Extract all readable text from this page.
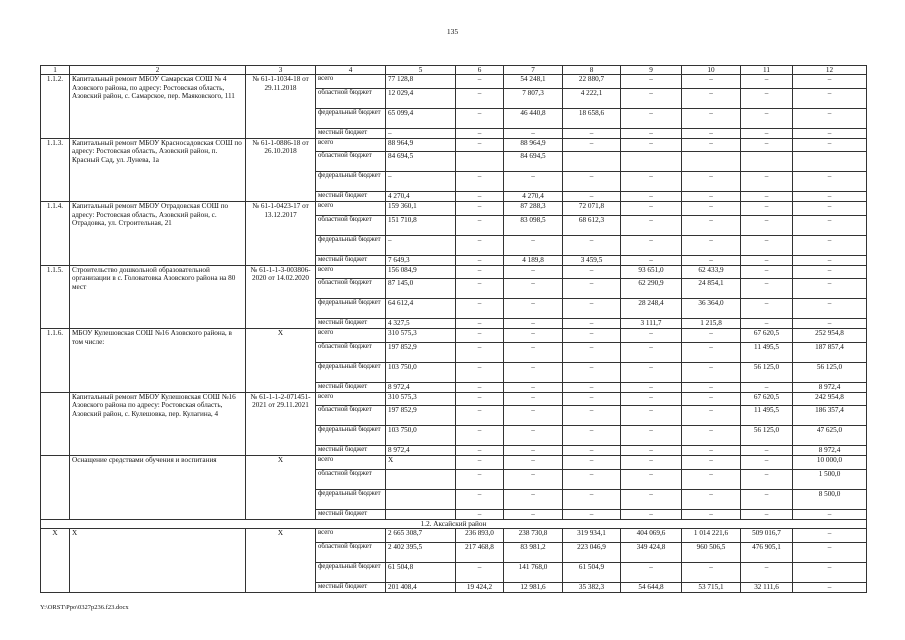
135
1	2	3	4	5	6	7	8	9	10	11	12
1.1.2.	Капитальный ремонт МБОУ Самарская СОШ № 4 Азовского района, по адресу: Ростовская область, Азовский район, с. Самарское, пер. Маяковского, 111	№ 61-1-1034-18 от 29.11.2018	всего	77 128,8	–	54 248,1	22 880,7	–	–	–	–
			областной бюджет	12 029,4	–	7 807,3	4 222,1	–	–	–	–
			федеральный бюджет	65 099,4	–	46 440,8	18 658,6	–	–	–	–
			местный бюджет	–	–	–	–	–	–	–	–
1.1.3.	Капитальный ремонт МБОУ Красносадовская СОШ по адресу: Ростовская область, Азовский район, п. Красный Сад, ул. Лунева, 1а	№ 61-1-0886-18 от 26.10.2018	всего	88 964,9	–	88 964,9	–	–	–	–	–
			областной бюджет	84 694,5		84 694,5					
			федеральный бюджет	–	–	–	–	–	–	–	–
			местный бюджет	4 270,4	–	4 270,4	–	–	–	–	–
1.1.4.	Капитальный ремонт МБОУ Отрадовская СОШ по адресу: Ростовская область, Азовский район, с. Отрадовка, ул. Строительная, 21	№ 61-1-0423-17 от 13.12.2017	всего	159 360,1	–	87 288,3	72 071,8	–	–	–	–
			областной бюджет	151 710,8	–	83 098,5	68 612,3	–	–	–	–
			федеральный бюджет	–	–	–	–	–	–	–	–
			местный бюджет	7 649,3	–	4 189,8	3 459,5	–	–	–	–
1.1.5.	Строительство дошкольной образовательной организации в с. Головатовка Азовского района на 80 мест	№ 61-1-1-3-003806-2020 от 14.02.2020	всего	156 084,9	–	–	–	93 651,0	62 433,9	–	–
			областной бюджет	87 145,0	–	–	–	62 290,9	24 854,1	–	–
			федеральный бюджет	64 612,4	–	–	–	28 248,4	36 364,0	–	–
			местный бюджет	4 327,5	–	–	–	3 111,7	1 215,8	–	–
1.1.6.	МБОУ Кулешовская СОШ №16 Азовского района, в том числе:	Х	всего	310 575,3	–	–	–	–	–	67 620,5	252 954,8
			областной бюджет	197 852,9	–	–	–	–	–	11 495,5	187 857,4
			федеральный бюджет	103 750,0	–	–	–	–	–	56 125,0	56 125,0
			местный бюджет	8 972,4	–	–	–	–	–	–	8 972,4
	Капитальный ремонт МБОУ Кулешовская СОШ №16 Азовского района по адресу: Ростовская область, Азовский район, с. Кулешовка, пер. Кулагина, 4	№ 61-1-1-2-071451-2021 от 29.11.2021	всего	310 575,3	–	–	–	–	–	67 620,5	242 954,8
			областной бюджет	197 852,9	–	–	–	–	–	11 495,5	186 357,4
			федеральный бюджет	103 750,0	–	–	–	–	–	56 125,0	47 625,0
			местный бюджет	8 972,4	–	–	–	–	–	–	8 972,4
	Оснащение средствами обучения и воспитания	Х	всего	Х	–	–	–	–	–	–	10 000,0
			областной бюджет		–	–	–	–	–	–	1 500,0
			федеральный бюджет		–	–	–	–	–	–	8 500,0
			местный бюджет		–	–	–	–	–	–	–
1.2. Аксайский район											
Х	Х	Х	всего	2 665 308,7	236 893,0	238 730,8	319 934,1	404 069,6	1 014 221,6	509 016,7	–
			областной бюджет	2 402 395,5	217 468,8	83 981,2	223 046,9	349 424,8	960 506,5	476 905,1	–
			федеральный бюджет	61 504,8	–	141 768,0	61 504,9	–	–	–	–
			местный бюджет	201 408,4	19 424,2	12 981,6	35 382,3	54 644,8	53 715,1	32 111,6	–
Y:\ORST\Ppo\0327p236.f23.docx
